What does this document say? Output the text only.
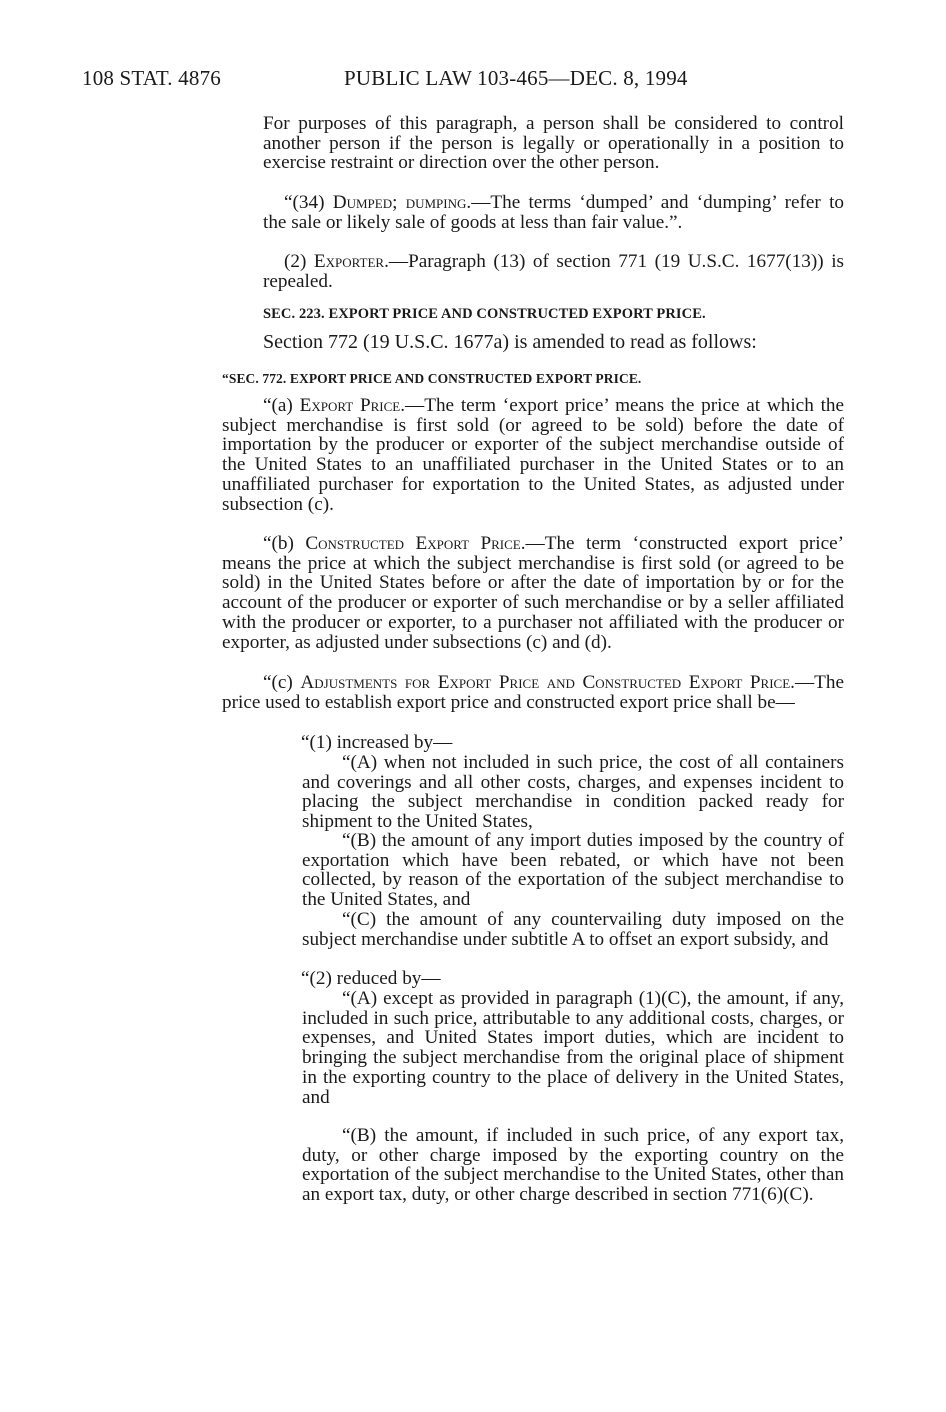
108 STAT. 4876	PUBLIC LAW 103-465—DEC. 8, 1994

For purposes of this paragraph, a person shall be considered to control another person if the person is legally or operationally in a position to exercise restraint or direction over the other person.

“(34) Dumped; dumping.—The terms ‘dumped’ and ‘dumping’ refer to the sale or likely sale of goods at less than fair value.”.

(2) Exporter.—Paragraph (13) of section 771 (19 U.S.C. 1677(13)) is repealed.

SEC. 223. EXPORT PRICE AND CONSTRUCTED EXPORT PRICE.

Section 772 (19 U.S.C. 1677a) is amended to read as follows:

“SEC. 772. EXPORT PRICE AND CONSTRUCTED EXPORT PRICE.

“(a) Export Price.—The term ‘export price’ means the price at which the subject merchandise is first sold (or agreed to be sold) before the date of importation by the producer or exporter of the subject merchandise outside of the United States to an unaffiliated purchaser in the United States or to an unaffiliated purchaser for exportation to the United States, as adjusted under subsection (c).

“(b) Constructed Export Price.—The term ‘constructed export price’ means the price at which the subject merchandise is first sold (or agreed to be sold) in the United States before or after the date of importation by or for the account of the producer or exporter of such merchandise or by a seller affiliated with the producer or exporter, to a purchaser not affiliated with the producer or exporter, as adjusted under subsections (c) and (d).

“(c) Adjustments for Export Price and Constructed Export Price.—The price used to establish export price and constructed export price shall be—

“(1) increased by—

“(A) when not included in such price, the cost of all containers and coverings and all other costs, charges, and expenses incident to placing the subject merchandise in condition packed ready for shipment to the United States,

“(B) the amount of any import duties imposed by the country of exportation which have been rebated, or which have not been collected, by reason of the exportation of the subject merchandise to the United States, and

“(C) the amount of any countervailing duty imposed on the subject merchandise under subtitle A to offset an export subsidy, and

“(2) reduced by—

“(A) except as provided in paragraph (1)(C), the amount, if any, included in such price, attributable to any additional costs, charges, or expenses, and United States import duties, which are incident to bringing the subject merchandise from the original place of shipment in the exporting country to the place of delivery in the United States, and

“(B) the amount, if included in such price, of any export tax, duty, or other charge imposed by the exporting country on the exportation of the subject merchandise to the United States, other than an export tax, duty, or other charge described in section 771(6)(C).
